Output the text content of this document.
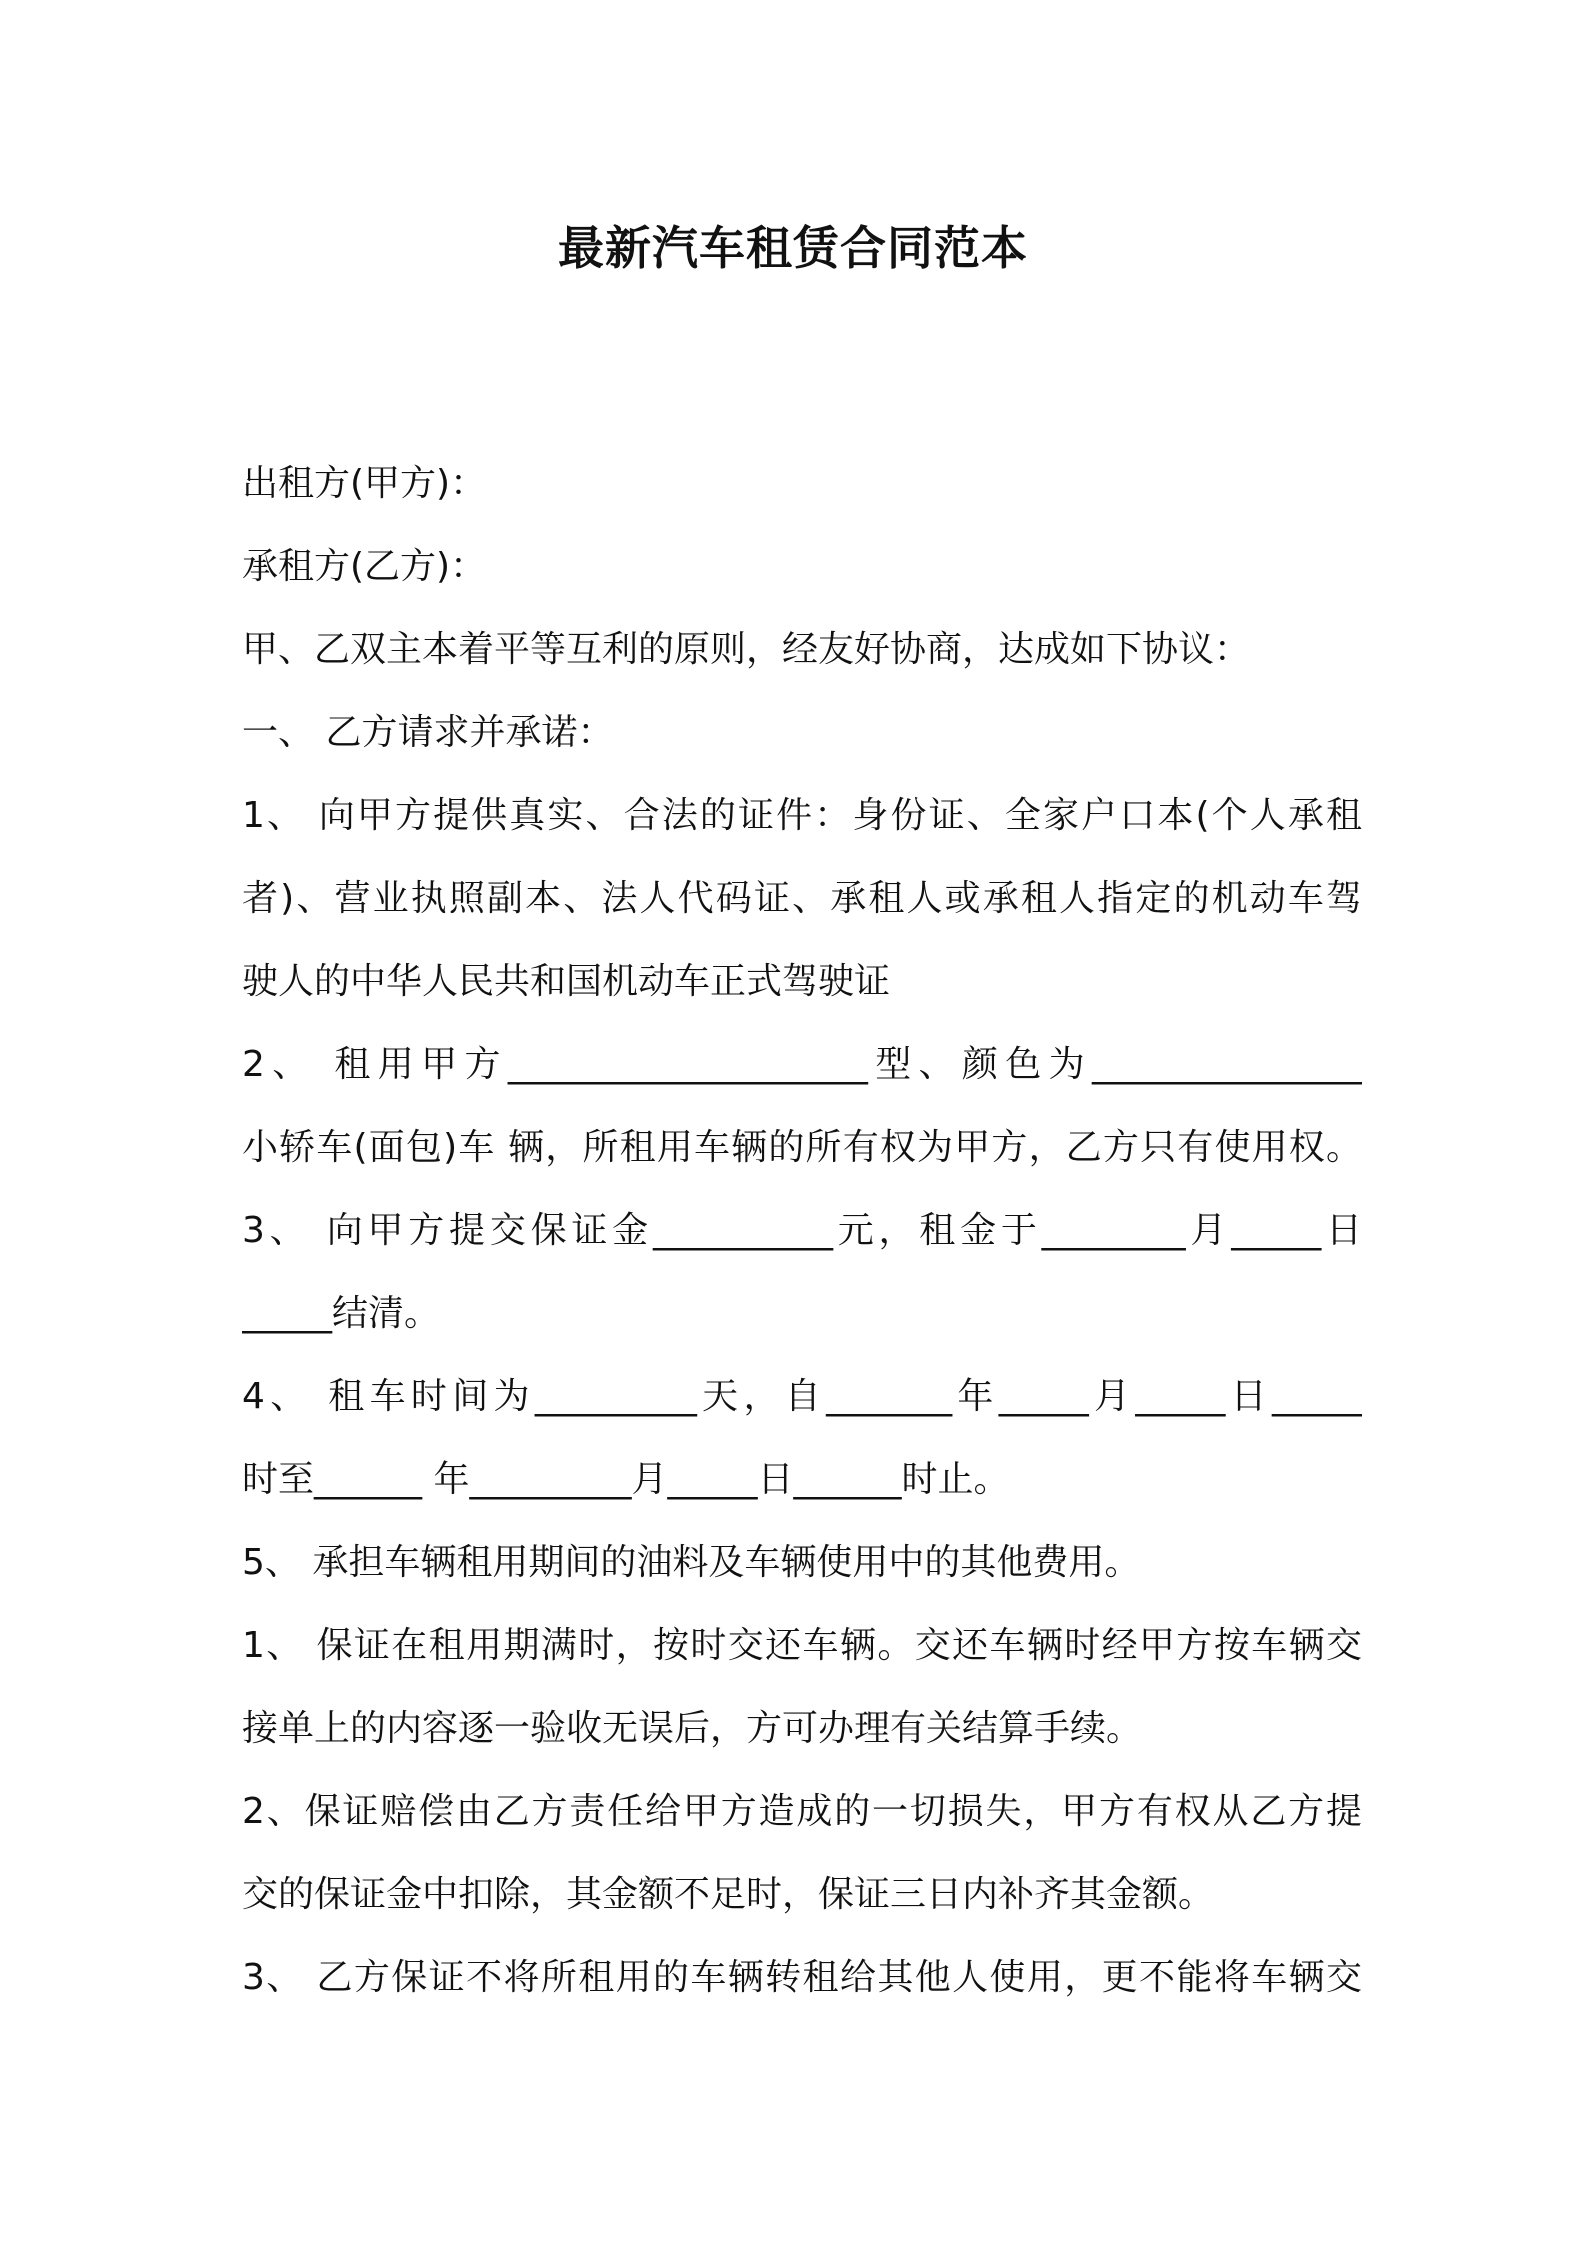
最新汽车租赁合同范本
出租方(甲方)：
承租方(乙方)：
甲、乙双主本着平等互利的原则，经友好协商，达成如下协议：
一、 乙方请求并承诺：
1、 向甲方提供真实、合法的证件：身份证、全家户口本(个人承租
者)、营业执照副本、法人代码证、承租人或承租人指定的机动车驾
驶人的中华人民共和国机动车正式驾驶证
2、 租用甲方____________________型、颜色为_______________
小轿车(面包)车 辆，所租用车辆的所有权为甲方，乙方只有使用权。
3、 向甲方提交保证金__________元，租金于________月_____日
_____结清。
4、 租车时间为_________天，自_______年_____月_____日_____
时至______ 年_________月_____日______时止。
5、 承担车辆租用期间的油料及车辆使用中的其他费用。
1、 保证在租用期满时，按时交还车辆。交还车辆时经甲方按车辆交
接单上的内容逐一验收无误后，方可办理有关结算手续。
2、保证赔偿由乙方责任给甲方造成的一切损失，甲方有权从乙方提
交的保证金中扣除，其金额不足时，保证三日内补齐其金额。
3、 乙方保证不将所租用的车辆转租给其他人使用，更不能将车辆交
